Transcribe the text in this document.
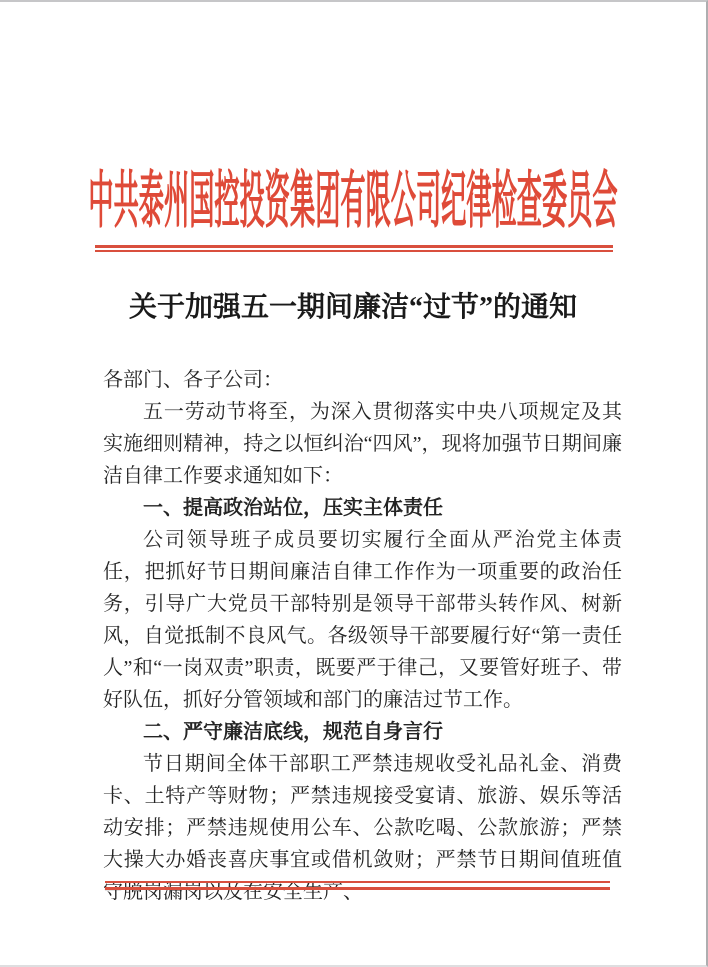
中共泰州国控投资集团有限公司纪律检查委员会
关于加强五一期间廉洁“过节”的通知

各部门、各子公司：

五一劳动节将至，为深入贯彻落实中央八项规定及其实施细则精神，持之以恒纠治“四风”，现将加强节日期间廉洁自律工作要求通知如下：

一、提高政治站位，压实主体责任

公司领导班子成员要切实履行全面从严治党主体责任，把抓好节日期间廉洁自律工作作为一项重要的政治任务，引导广大党员干部特别是领导干部带头转作风、树新风，自觉抵制不良风气。各级领导干部要履行好“第一责任人”和“一岗双责”职责，既要严于律己，又要管好班子、带好队伍，抓好分管领域和部门的廉洁过节工作。

二、严守廉洁底线，规范自身言行

节日期间全体干部职工严禁违规收受礼品礼金、消费卡、土特产等财物；严禁违规接受宴请、旅游、娱乐等活动安排；严禁违规使用公车、公款吃喝、公款旅游；严禁大操大办婚丧喜庆事宜或借机敛财；严禁节日期间值班值守脱岗漏岗以及在安全生产、
